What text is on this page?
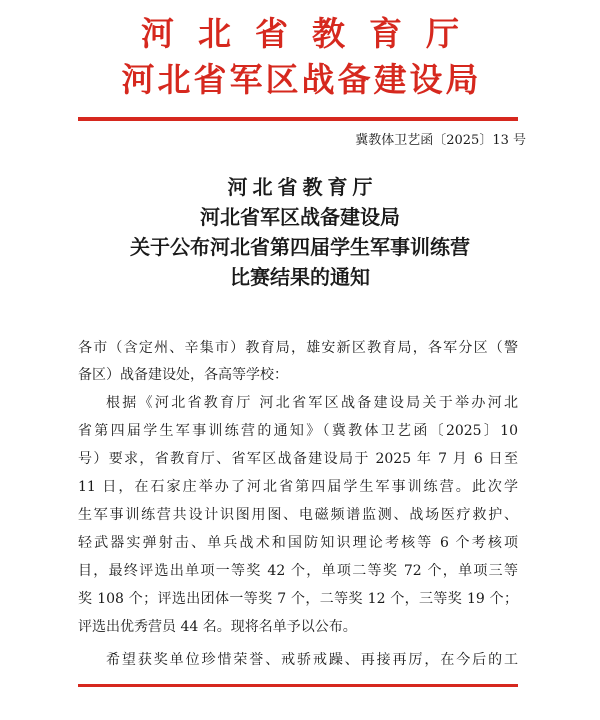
河北省教育厅
河北省军区战备建设局
冀教体卫艺函〔2025〕13 号
河北省教育厅
河北省军区战备建设局
关于公布河北省第四届学生军事训练营
比赛结果的通知
各市（含定州、辛集市）教育局，雄安新区教育局，各军分区（警
备区）战备建设处，各高等学校：
根据《河北省教育厅 河北省军区战备建设局关于举办河北
省第四届学生军事训练营的通知》（冀教体卫艺函〔2025〕10
号）要求，省教育厅、省军区战备建设局于 2025 年 7 月 6 日至
11 日，在石家庄举办了河北省第四届学生军事训练营。此次学
生军事训练营共设计识图用图、电磁频谱监测、战场医疗救护、
轻武器实弹射击、单兵战术和国防知识理论考核等 6 个考核项
目，最终评选出单项一等奖 42 个，单项二等奖 72 个，单项三等
奖 108 个；评选出团体一等奖 7 个，二等奖 12 个，三等奖 19 个；
评选出优秀营员 44 名。现将名单予以公布。
希望获奖单位珍惜荣誉、戒骄戒躁、再接再厉，在今后的工
